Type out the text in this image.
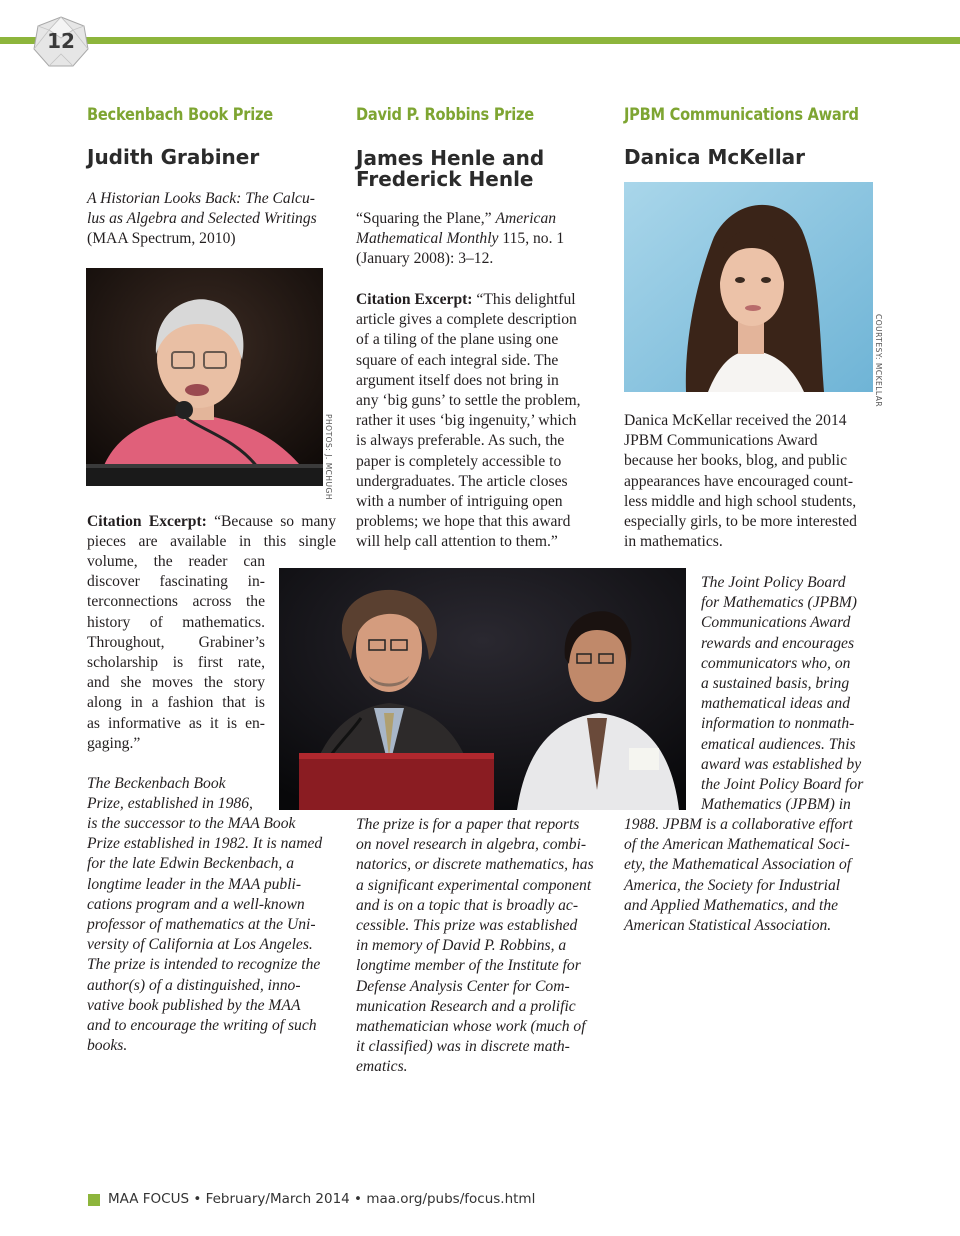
12
Beckenbach Book Prize
Judith Grabiner
A Historian Looks Back: The Calcu-
lus as Algebra and Selected Writings
(MAA Spectrum, 2010)
PHOTOS: J. MCHUGH
Citation Excerpt: “Because so many
pieces are available in this single
volume, the reader can
discover fascinating in-
terconnections across the
history of mathematics.
Throughout, Grabiner’s
scholarship is first rate,
and she moves the story
along in a fashion that is
as informative as it is en-
gaging.”
The Beckenbach Book
Prize, established in 1986,
is the successor to the MAA Book
Prize established in 1982. It is named
for the late Edwin Beckenbach, a
longtime leader in the MAA publi-
cations program and a well-known
professor of mathematics at the Uni-
versity of California at Los Angeles.
The prize is intended to recognize the
author(s) of a distinguished, inno-
vative book published by the MAA
and to encourage the writing of such
books.
David P. Robbins Prize
James Henle and
Frederick Henle
“Squaring the Plane,” American Mathematical Monthly 115, no. 1 (January 2008): 3–12.
Citation Excerpt: “This delightful
article gives a complete description
of a tiling of the plane using one
square of each integral side. The
argument itself does not bring in
any ‘big guns’ to settle the problem,
rather it uses ‘big ingenuity,’ which
is always preferable. As such, the
paper is completely accessible to
undergraduates. The article closes
with a number of intriguing open
problems; we hope that this award
will help call attention to them.”
The prize is for a paper that reports
on novel research in algebra, combi-
natorics, or discrete mathematics, has
a significant experimental component
and is on a topic that is broadly ac-
cessible. This prize was established
in memory of David P. Robbins, a
longtime member of the Institute for
Defense Analysis Center for Com-
munication Research and a prolific
mathematician whose work (much of
it classified) was in discrete math-
ematics.
JPBM Communications Award
Danica McKellar
COURTESY: MCKELLAR
Danica McKellar received the 2014
JPBM Communications Award
because her books, blog, and public
appearances have encouraged count-
less middle and high school students,
especially girls, to be more interested
in mathematics.
The Joint Policy Board
for Mathematics (JPBM)
Communications Award
rewards and encourages
communicators who, on
a sustained basis, bring
mathematical ideas and
information to nonmath-
ematical audiences. This
award was established by
the Joint Policy Board for
Mathematics (JPBM) in
1988. JPBM is a collaborative effort
of the American Mathematical Soci-
ety, the Mathematical Association of
America, the Society for Industrial
and Applied Mathematics, and the
American Statistical Association.
MAA FOCUS • February/March 2014 • maa.org/pubs/focus.html
